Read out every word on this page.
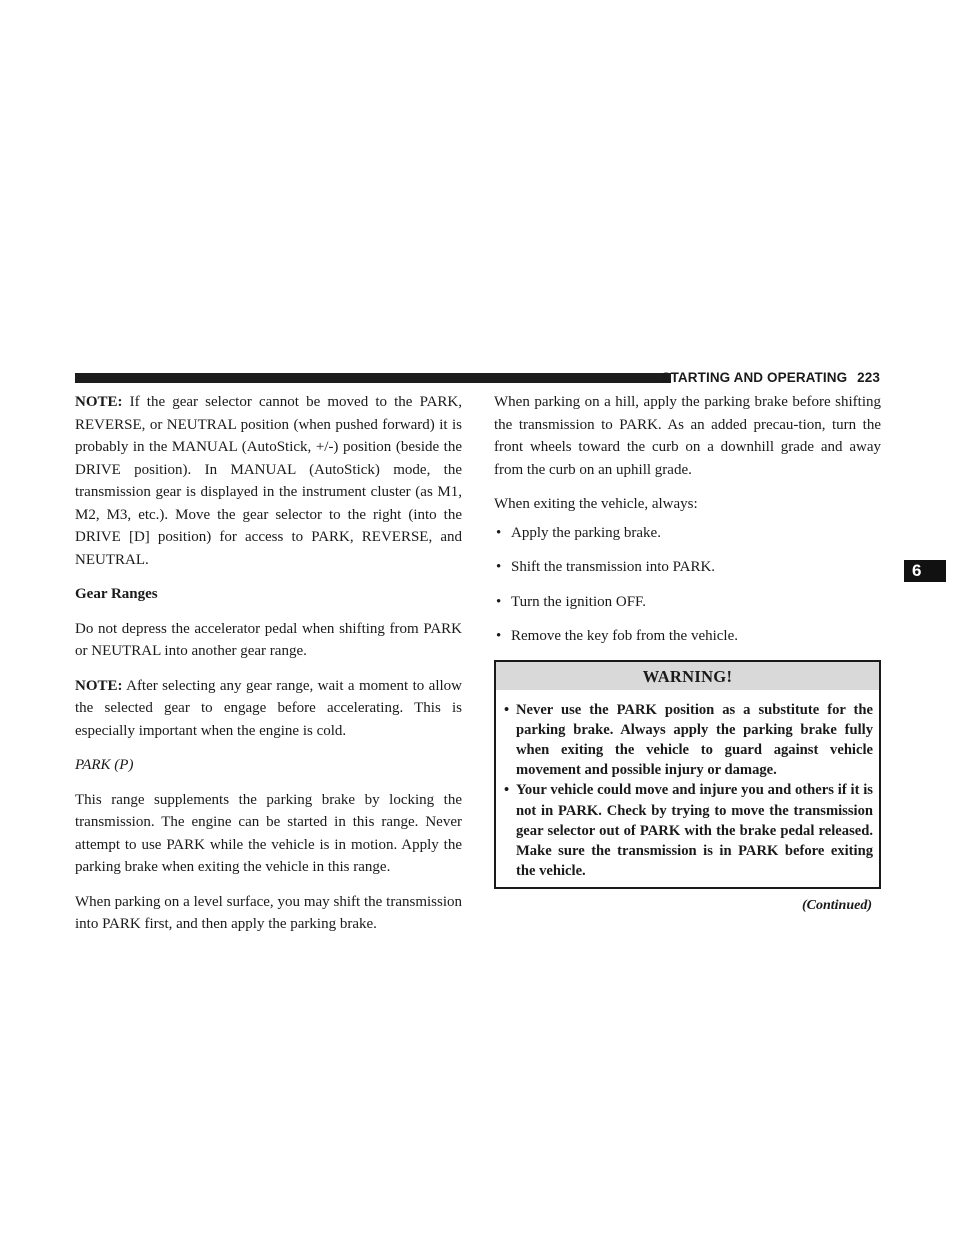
STARTING AND OPERATING 223
6

NOTE: If the gear selector cannot be moved to the PARK, REVERSE, or NEUTRAL position (when pushed forward) it is probably in the MANUAL (AutoStick, +/-) position (beside the DRIVE position). In MANUAL (AutoStick) mode, the transmission gear is displayed in the instrument cluster (as M1, M2, M3, etc.). Move the gear selector to the right (into the DRIVE [D] position) for access to PARK, REVERSE, and NEUTRAL.

Gear Ranges

Do not depress the accelerator pedal when shifting from PARK or NEUTRAL into another gear range.

NOTE: After selecting any gear range, wait a moment to allow the selected gear to engage before accelerating. This is especially important when the engine is cold.

PARK (P)

This range supplements the parking brake by locking the transmission. The engine can be started in this range. Never attempt to use PARK while the vehicle is in motion. Apply the parking brake when exiting the vehicle in this range.

When parking on a level surface, you may shift the transmission into PARK first, and then apply the parking brake.

When parking on a hill, apply the parking brake before shifting the transmission to PARK. As an added precau-tion, turn the front wheels toward the curb on a downhill grade and away from the curb on an uphill grade.

When exiting the vehicle, always:

• Apply the parking brake.
• Shift the transmission into PARK.
• Turn the ignition OFF.
• Remove the key fob from the vehicle.
WARNING!
• Never use the PARK position as a substitute for the parking brake. Always apply the parking brake fully when exiting the vehicle to guard against vehicle movement and possible injury or damage.
• Your vehicle could move and injure you and others if it is not in PARK. Check by trying to move the transmission gear selector out of PARK with the brake pedal released. Make sure the transmission is in PARK before exiting the vehicle.
(Continued)
